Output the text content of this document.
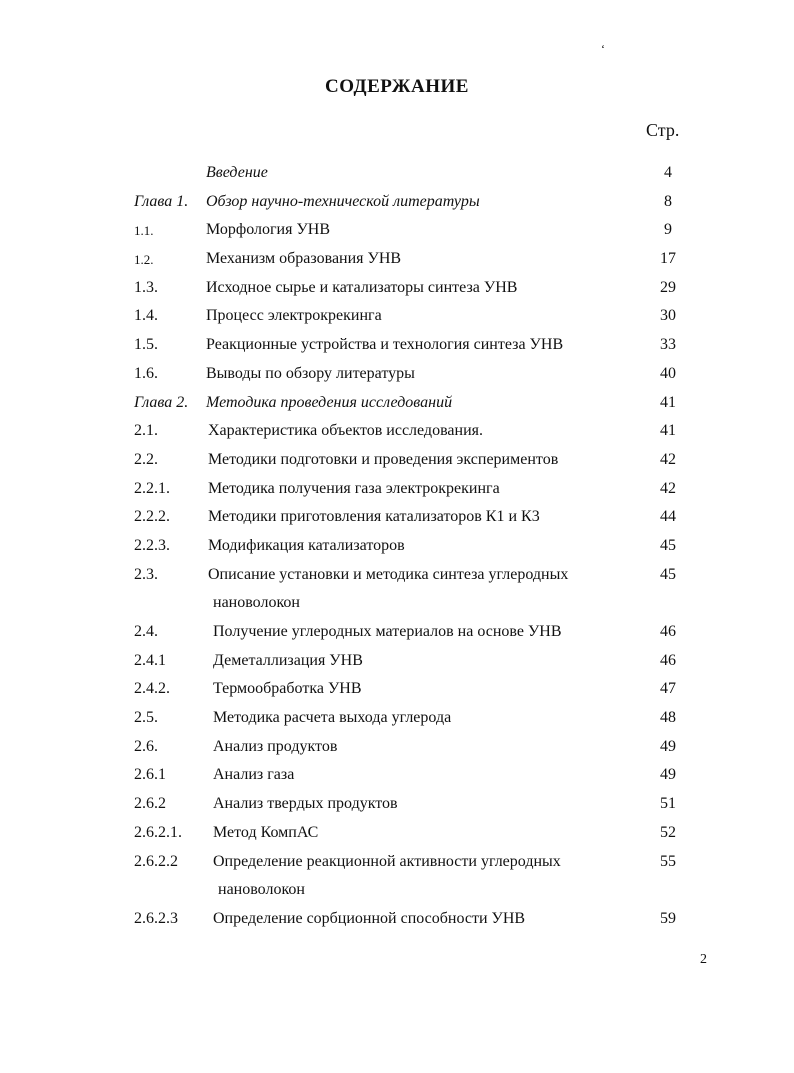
ʻ
СОДЕРЖАНИЕ
Стр.
Введение	4
Глава 1. Обзор научно-технической литературы	8
1.1.	Морфология УНВ	9
1.2.	Механизм образования УНВ	17
1.3.	Исходное сырье и катализаторы синтеза УНВ	29
1.4.	Процесс электрокрекинга	30
1.5.	Реакционные устройства и технология синтеза УНВ	33
1.6.	Выводы по обзору литературы	40
Глава 2. Методика проведения исследований	41
2.1.	Характеристика объектов исследования.	41
2.2.	Методики подготовки и проведения экспериментов	42
2.2.1. Методика получения газа электрокрекинга	42
2.2.2. Методики приготовления катализаторов К1 и К3	44
2.2.3. Модификация катализаторов	45
2.3.	Описание установки и методика синтеза углеродных	45
нановолокон
2.4.	Получение углеродных материалов на основе УНВ	46
2.4.1	Деметаллизация УНВ	46
2.4.2.	Термообработка УНВ	47
2.5.	Методика расчета выхода углерода	48
2.6.	Анализ продуктов	49
2.6.1	Анализ газа	49
2.6.2	Анализ твердых продуктов	51
2.6.2.1. Метод КомпАС	52
2.6.2.2 Определение реакционной активности углеродных	55
нановолокон
2.6.2.3 Определение сорбционной способности УНВ	59
2
